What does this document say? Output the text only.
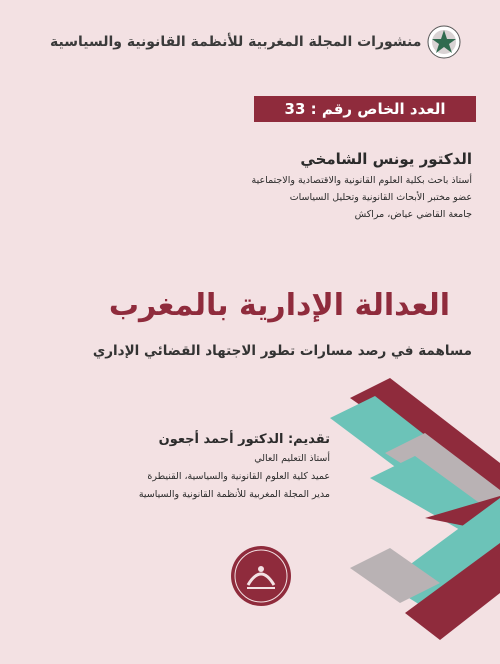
منشورات المجلة المغربية للأنظمة القانونية والسياسية
العدد الخاص رقم : 33
الدكتور يونس الشامخي
أستاذ باحث بكلية العلوم القانونية والاقتصادية والاجتماعية
عضو مختبر الأبحاث القانونية وتحليل السياسات
جامعة القاضي عياض، مراكش
العدالة الإدارية بالمغرب
مساهمة في رصد مسارات تطور الاجتهاد القضائي الإداري
تقديم: الدكتور أحمد أجعون
أستاذ التعليم العالي
عميد كلية العلوم القانونية والسياسية، القنيطرة
مدير المجلة المغربية للأنظمة القانونية والسياسية
